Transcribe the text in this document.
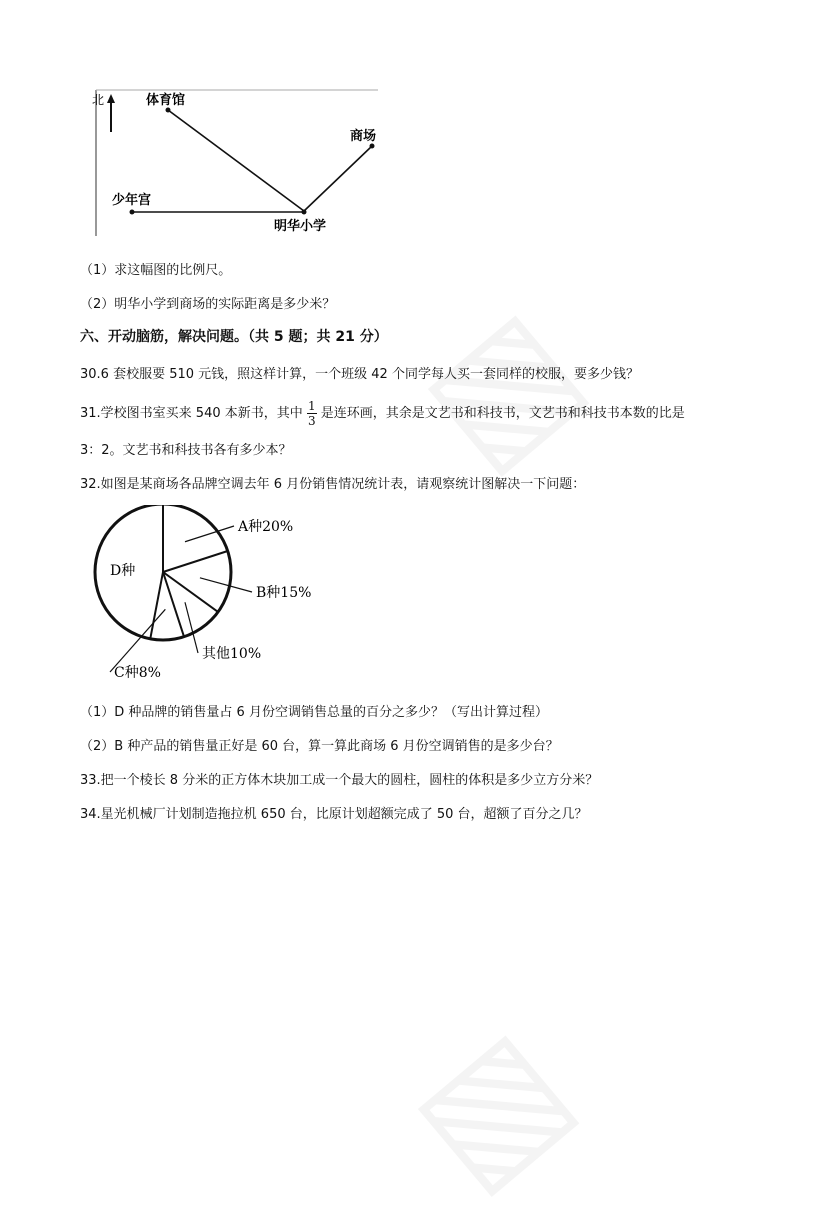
北	体育馆
商场
少年宫
明华小学
（1）求这幅图的比例尺。
（2）明华小学到商场的实际距离是多少米？
六、开动脑筋，解决问题。（共 5 题；共 21 分）
30.6 套校服要 510 元钱，照这样计算，一个班级 42 个同学每人买一套同样的校服，要多少钱？
31.学校图书室买来 540 本新书，其中 $\frac{1}{3}$ 是连环画，其余是文艺书和科技书，文艺书和科技书本数的比是
3：2。文艺书和科技书各有多少本？
32.如图是某商场各品牌空调去年 6 月份销售情况统计表，请观察统计图解决一下问题：
A种20%
B种15%
其他10%
C种8%
D种
（1）D 种品牌的销售量占 6 月份空调销售总量的百分之多少？（写出计算过程）
（2）B 种产品的销售量正好是 60 台，算一算此商场 6 月份空调销售的是多少台？
33.把一个棱长 8 分米的正方体木块加工成一个最大的圆柱，圆柱的体积是多少立方分米？
34.星光机械厂计划制造拖拉机 650 台，比原计划超额完成了 50 台，超额了百分之几？
